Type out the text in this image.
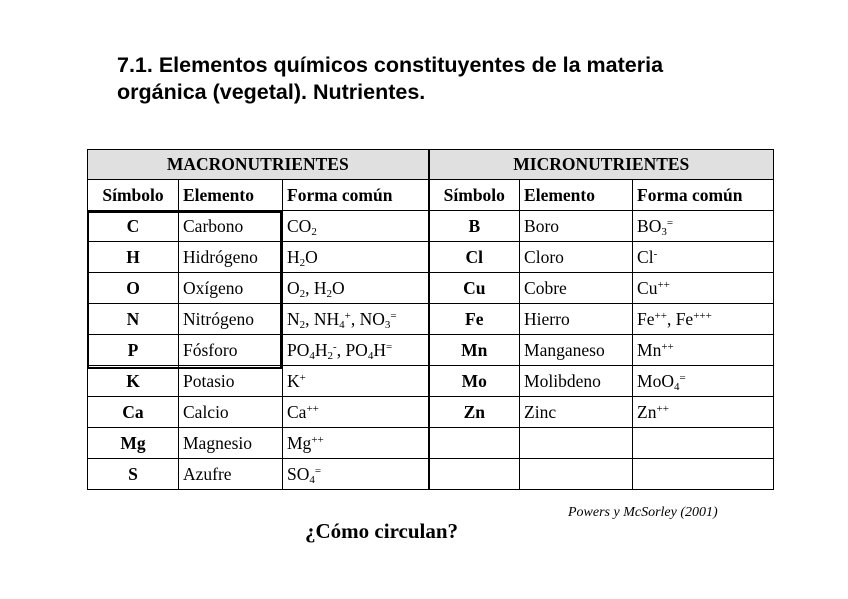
7.1. Elementos químicos constituyentes de la materia
orgánica (vegetal). Nutrientes.
MACRONUTRIENTES			MICRONUTRIENTES		
Símbolo	Elemento	Forma común	Símbolo	Elemento	Forma común
C	Carbono	$CO_2$	B	Boro	$BO_3^=$
H	Hidrógeno	$H_2O$	Cl	Cloro	Cl-
O	Oxígeno	$O_2$, $H_2O$	Cu	Cobre	Cu++
N	Nitrógeno	$N_2$, $NH_4^+$, $NO_3^=$	Fe	Hierro	Fe++, Fe+++
P	Fósforo	$PO_4H_2^-$, $PO_4H^=$	Mn	Manganeso	Mn++
K	Potasio	K+	Mo	Molibdeno	MoO$_4$=
Ca	Calcio	Ca++	Zn	Zinc	Zn++
Mg	Magnesio	Mg++			
S	Azufre	$SO_4^=$			
Powers y McSorley (2001)
¿Cómo circulan?
